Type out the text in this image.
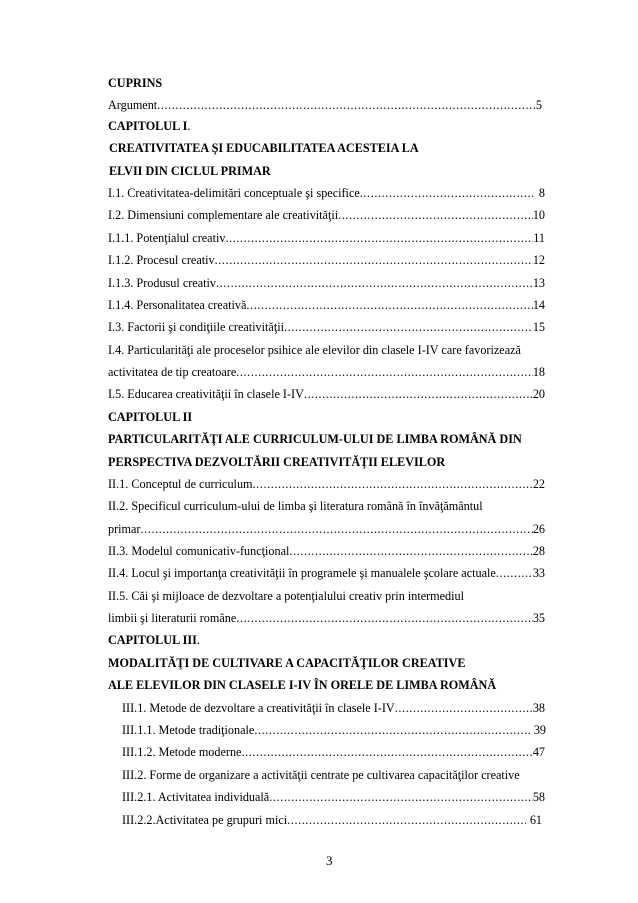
CUPRINS
Argument .....	5
CAPITOLUL I.
CREATIVITATEA ŞI EDUCABILITATEA ACESTEIA LA
ELVII DIN CICLUL PRIMAR
I.1. Creativitatea-delimitări conceptuale şi specifice .....	8
I.2. Dimensiuni complementare ale creativităţii .....	10
I.1.1. Potenţialul creativ .....	11
I.1.2. Procesul creativ .....	12
I.1.3. Produsul creativ .....	13
I.1.4. Personalitatea creativă .....	14
I.3. Factorii şi condiţiile creativităţii .....	15
I.4. Particularităţi ale proceselor psihice ale elevilor din clasele I-IV care favorizează
activitatea de tip creatoare .....	18
I.5. Educarea creativităţii în clasele I-IV .....	20
CAPITOLUL II
PARTICULARITĂŢI ALE CURRICULUM-ULUI DE LIMBA ROMÂNĂ DIN
PERSPECTIVA DEZVOLTĂRII CREATIVITĂŢII ELEVILOR
II.1. Conceptul de curriculum .....	22
II.2. Specificul curriculum-ului de limba şi literatura română în învăţământul
primar .....	26
II.3. Modelul comunicativ-funcţional .....	28
II.4. Locul şi importanţa creativităţii în programele şi manualele şcolare actuale .....	33
II.5. Căi şi mijloace de dezvoltare a potenţialului creativ prin intermediul
limbii şi literaturii române .....	35
CAPITOLUL III.
MODALITĂŢI DE CULTIVARE A CAPACITĂŢILOR CREATIVE
ALE ELEVILOR DIN CLASELE I-IV ÎN ORELE DE LIMBA ROMÂNĂ
III.1. Metode de dezvoltare a creativităţii în clasele I-IV .....	38
III.1.1. Metode tradiţionale .....	39
III.1.2. Metode moderne .....	47
III.2. Forme de organizare a activităţii centrate pe cultivarea capacităţilor creative
III.2.1. Activitatea individuală .....	58
III.2.2.Activitatea pe grupuri mici .....	61
3
